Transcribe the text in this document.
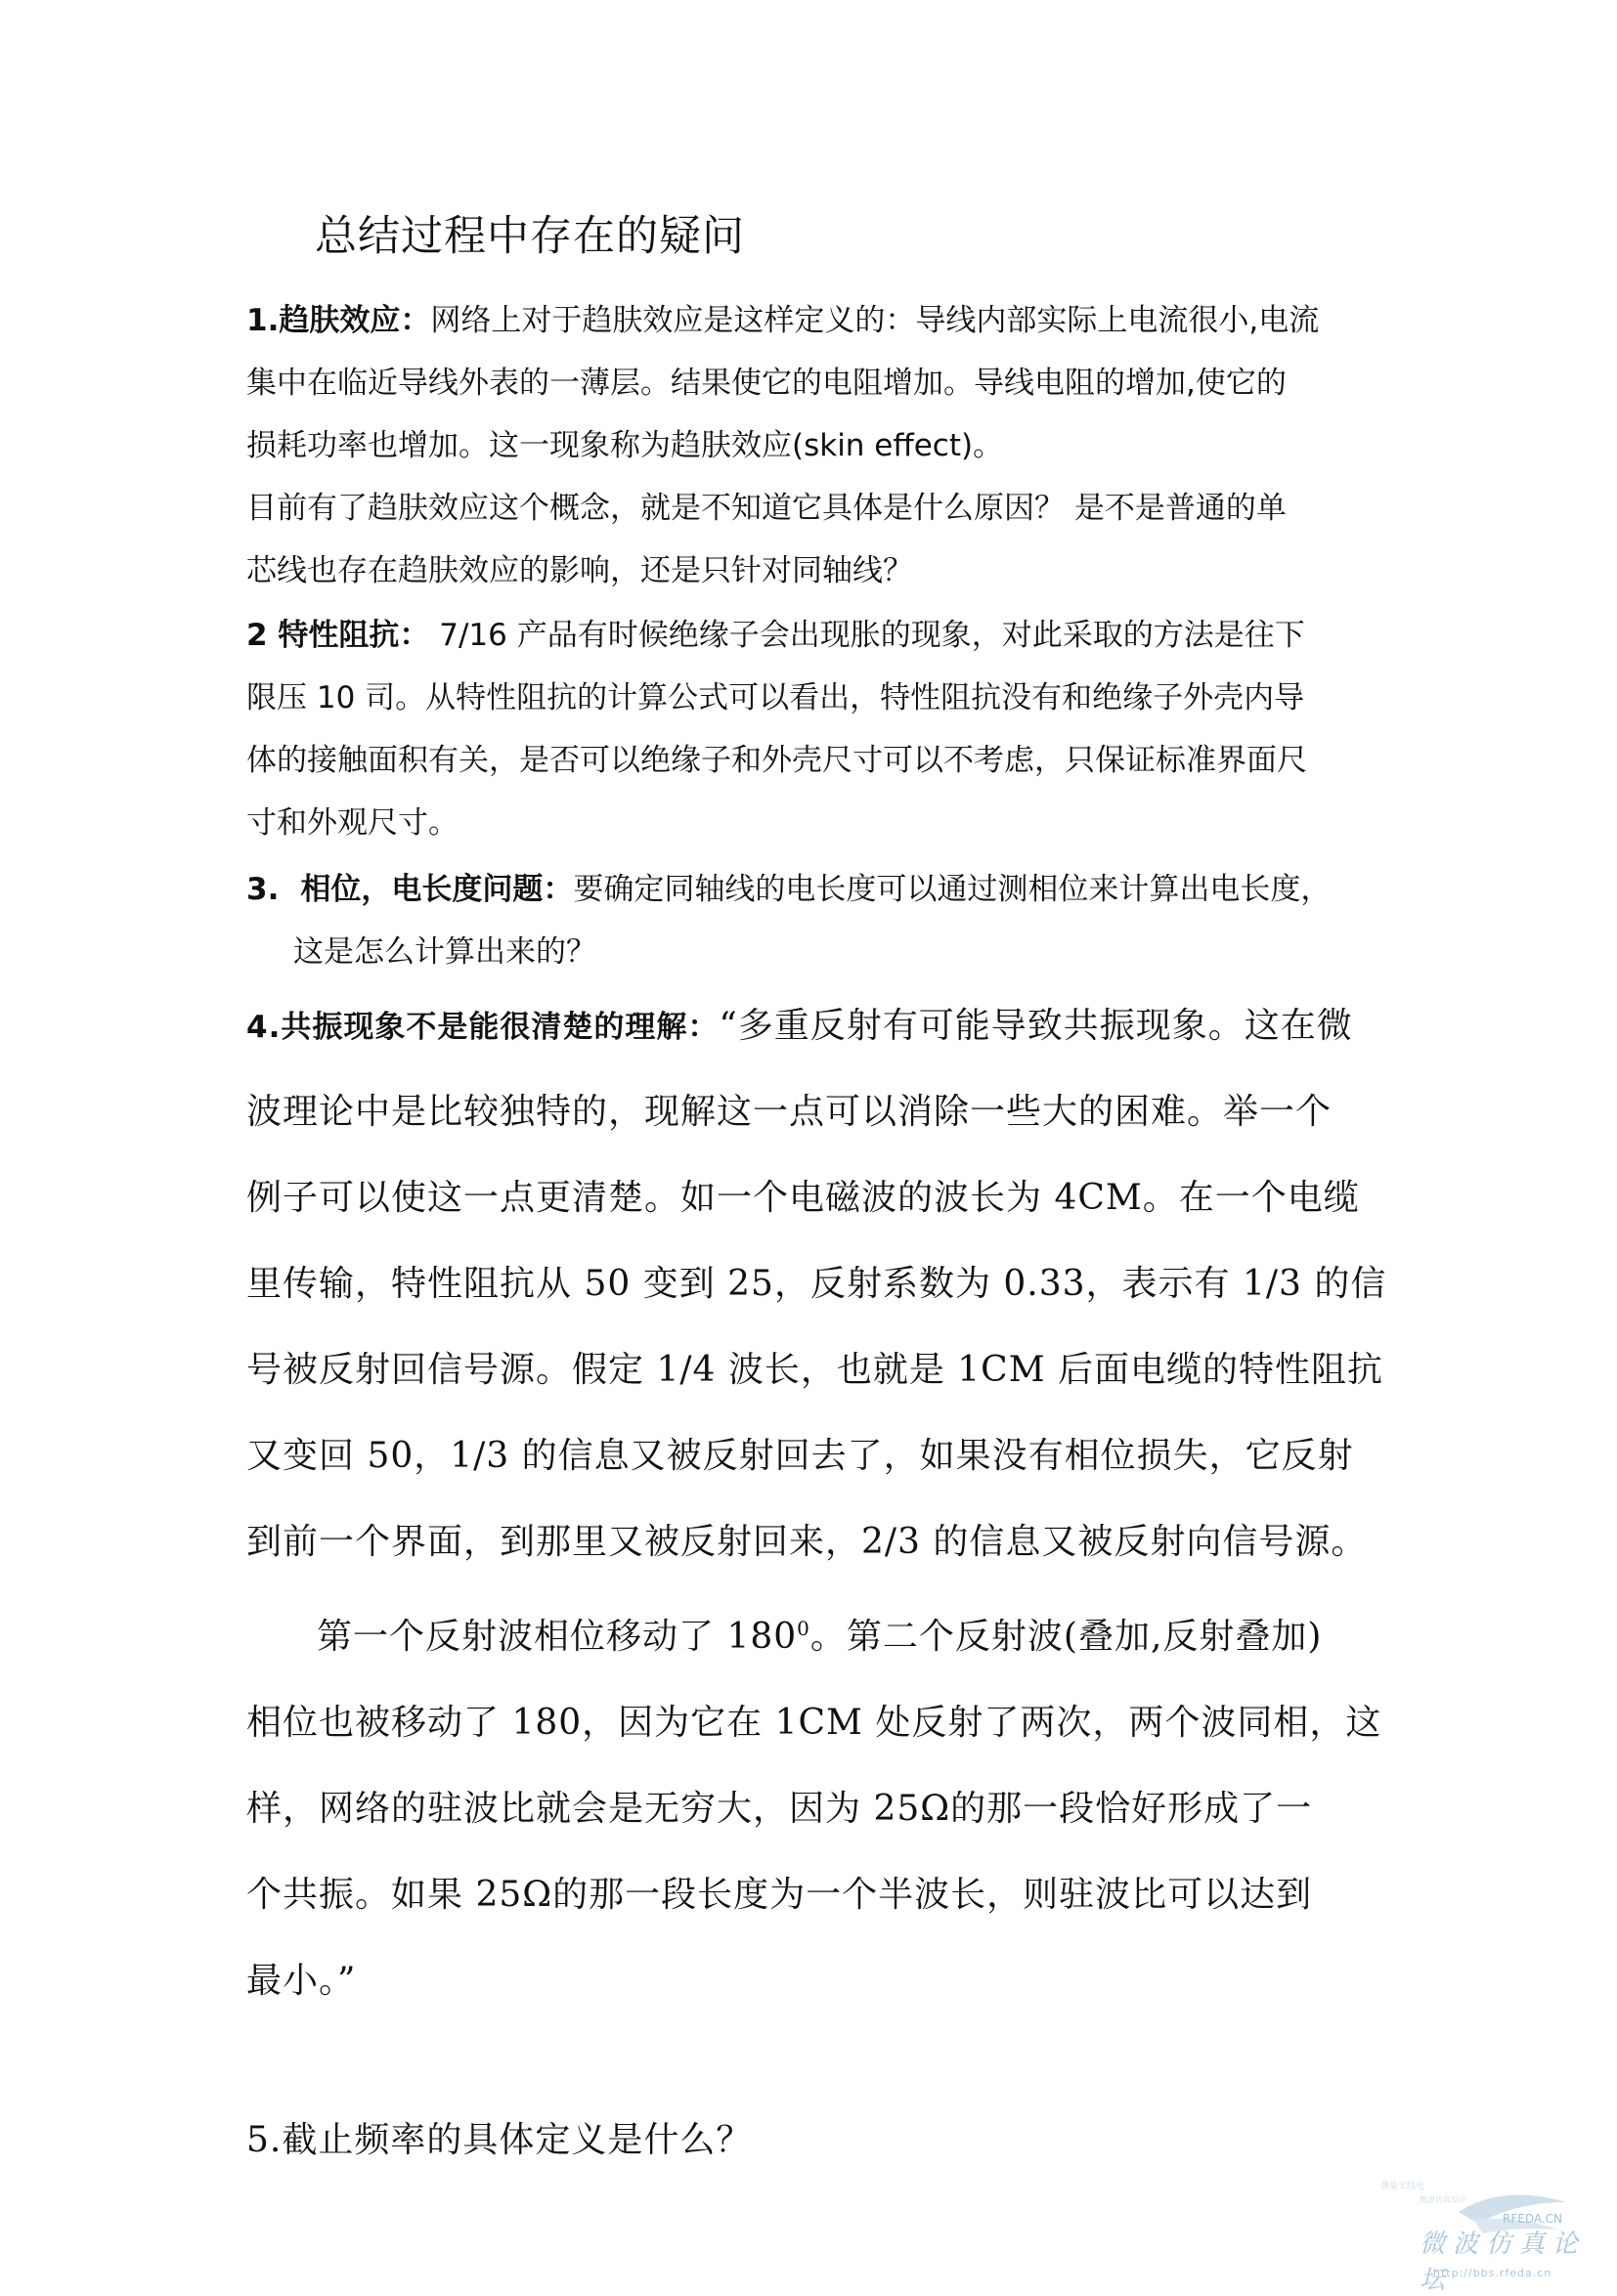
总结过程中存在的疑问
1.趋肤效应：网络上对于趋肤效应是这样定义的：导线内部实际上电流很小,电流
集中在临近导线外表的一薄层。结果使它的电阻增加。导线电阻的增加,使它的
损耗功率也增加。这一现象称为趋肤效应(skin effect)。
目前有了趋肤效应这个概念，就是不知道它具体是什么原因？ 是不是普通的单
芯线也存在趋肤效应的影响，还是只针对同轴线？
2 特性阻抗： 7/16 产品有时候绝缘子会出现胀的现象，对此采取的方法是往下
限压 10 司。从特性阻抗的计算公式可以看出，特性阻抗没有和绝缘子外壳内导
体的接触面积有关，是否可以绝缘子和外壳尺寸可以不考虑，只保证标准界面尺
寸和外观尺寸。
3. 相位，电长度问题：要确定同轴线的电长度可以通过测相位来计算出电长度，
这是怎么计算出来的？
4.共振现象不是能很清楚的理解：“多重反射有可能导致共振现象。这在微
波理论中是比较独特的，现解这一点可以消除一些大的困难。举一个
例子可以使这一点更清楚。如一个电磁波的波长为 4CM。在一个电缆
里传输，特性阻抗从 50 变到 25，反射系数为 0.33，表示有 1/3 的信
号被反射回信号源。假定 1/4 波长，也就是 1CM 后面电缆的特性阻抗
又变回 50，1/3 的信息又被反射回去了，如果没有相位损失，它反射
到前一个界面，到那里又被反射回来，2/3 的信息又被反射向信号源。
第一个反射波相位移动了 $180^0$。第二个反射波(叠加,反射叠加)
相位也被移动了 180，因为它在 1CM 处反射了两次，两个波同相，这
样，网络的驻波比就会是无穷大，因为 25Ω的那一段恰好形成了一
个共振。如果 25Ω的那一段长度为一个半波长，则驻波比可以达到
最小。”
5.截止频率的具体定义是什么？
测量无线电
微波仿真设计
RFEDA.CN
微波仿真论坛
http://bbs.rfeda.cn
